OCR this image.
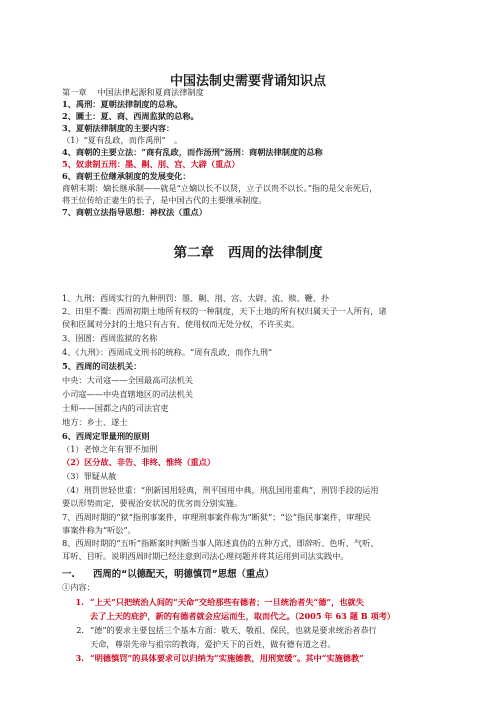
中国法制史需要背诵知识点
第一章　 中国法律起源和夏商法律制度
1、禹刑：夏朝法律制度的总称。
2、圜土：夏、商、西周监狱的总称。
3、夏朝法律制度的主要内容：
（1）“夏有乱政，而作禹刑”　。
4、商朝的主要立法：“商有乱政，而作汤刑”汤刑：商朝法律制度的总称
5、奴隶制五刑：墨、劓、刖、宫、大辟（重点）
6、商朝王位继承制度的发展变化：
商朝末期：嫡长继承制——就是“立嫡以长不以贤，立子以贵不以长。”指的是父亲死后，
将王位传给正妻生的长子，是中国古代的主要继承制度。
7、商朝立法指导思想：神权法（重点）
第二章 西周的法律制度
1、九刑：西周实行的九种刑罚：墨、劓、刖、宫、大辟、流、赎、鞭、扑
2、田里不鬻：西周初期土地所有权的一种制度，天下土地的所有权归属天子一人所有，诸
侯和臣属对分封的土地只有占有、使用权而无处分权，不许买卖。
3、囹圄：西周监狱的名称
4、《九刑》：西周成文刑书的统称。“周有乱政，而作九刑”
5、西周的司法机关：
中央：大司寇——全国最高司法机关
小司寇——中央直辖地区的司法机关
士师——国都之内的司法官吏
地方：乡士、遂士
6、西周定罪量刑的原则
（1）老悼之年有罪不加刑
（2）区分故、非告、非终、惟终（重点）
（3）罪疑从赦
（4）刑罚世轻世重：“刑新国用轻典，刑平国用中典，刑乱国用重典”，刑罚手段的运用
要以形势而定，要视治安状况的优劣而分别实施。
7、西周时期的“狱”指刑事案件，审理刑事案件称为“断狱”；“讼”指民事案件，审理民
事案件称为“听讼”。
8、西周时期的“五听”指断案时判断当事人陈述真伪的五种方式，即辞听、色听、气听、
耳听、目听。说明西周时期已经注意到司法心理问题并将其运用到司法实践中。
一. 西周的“以德配天，明德慎罚”思想（重点）
①内容：
1. “上天”只把统治人间的“天命”交给那些有德者；一旦统治者失“德”，也就失
去了上天的庇护，新的有德者就会应运而生，取而代之。（2005 年 63 题 B 项考）
2. “德”的要求主要包括三个基本方面：敬天、敬祖、保民，也就是要求统治者恭行
天命，尊崇先帝与祖宗的教诲，爱护天下的百姓，做有德有道之君。
3. “明德慎罚”的具体要求可以归纳为“实施德教，用刑宽缓”。其中“实施德教”
